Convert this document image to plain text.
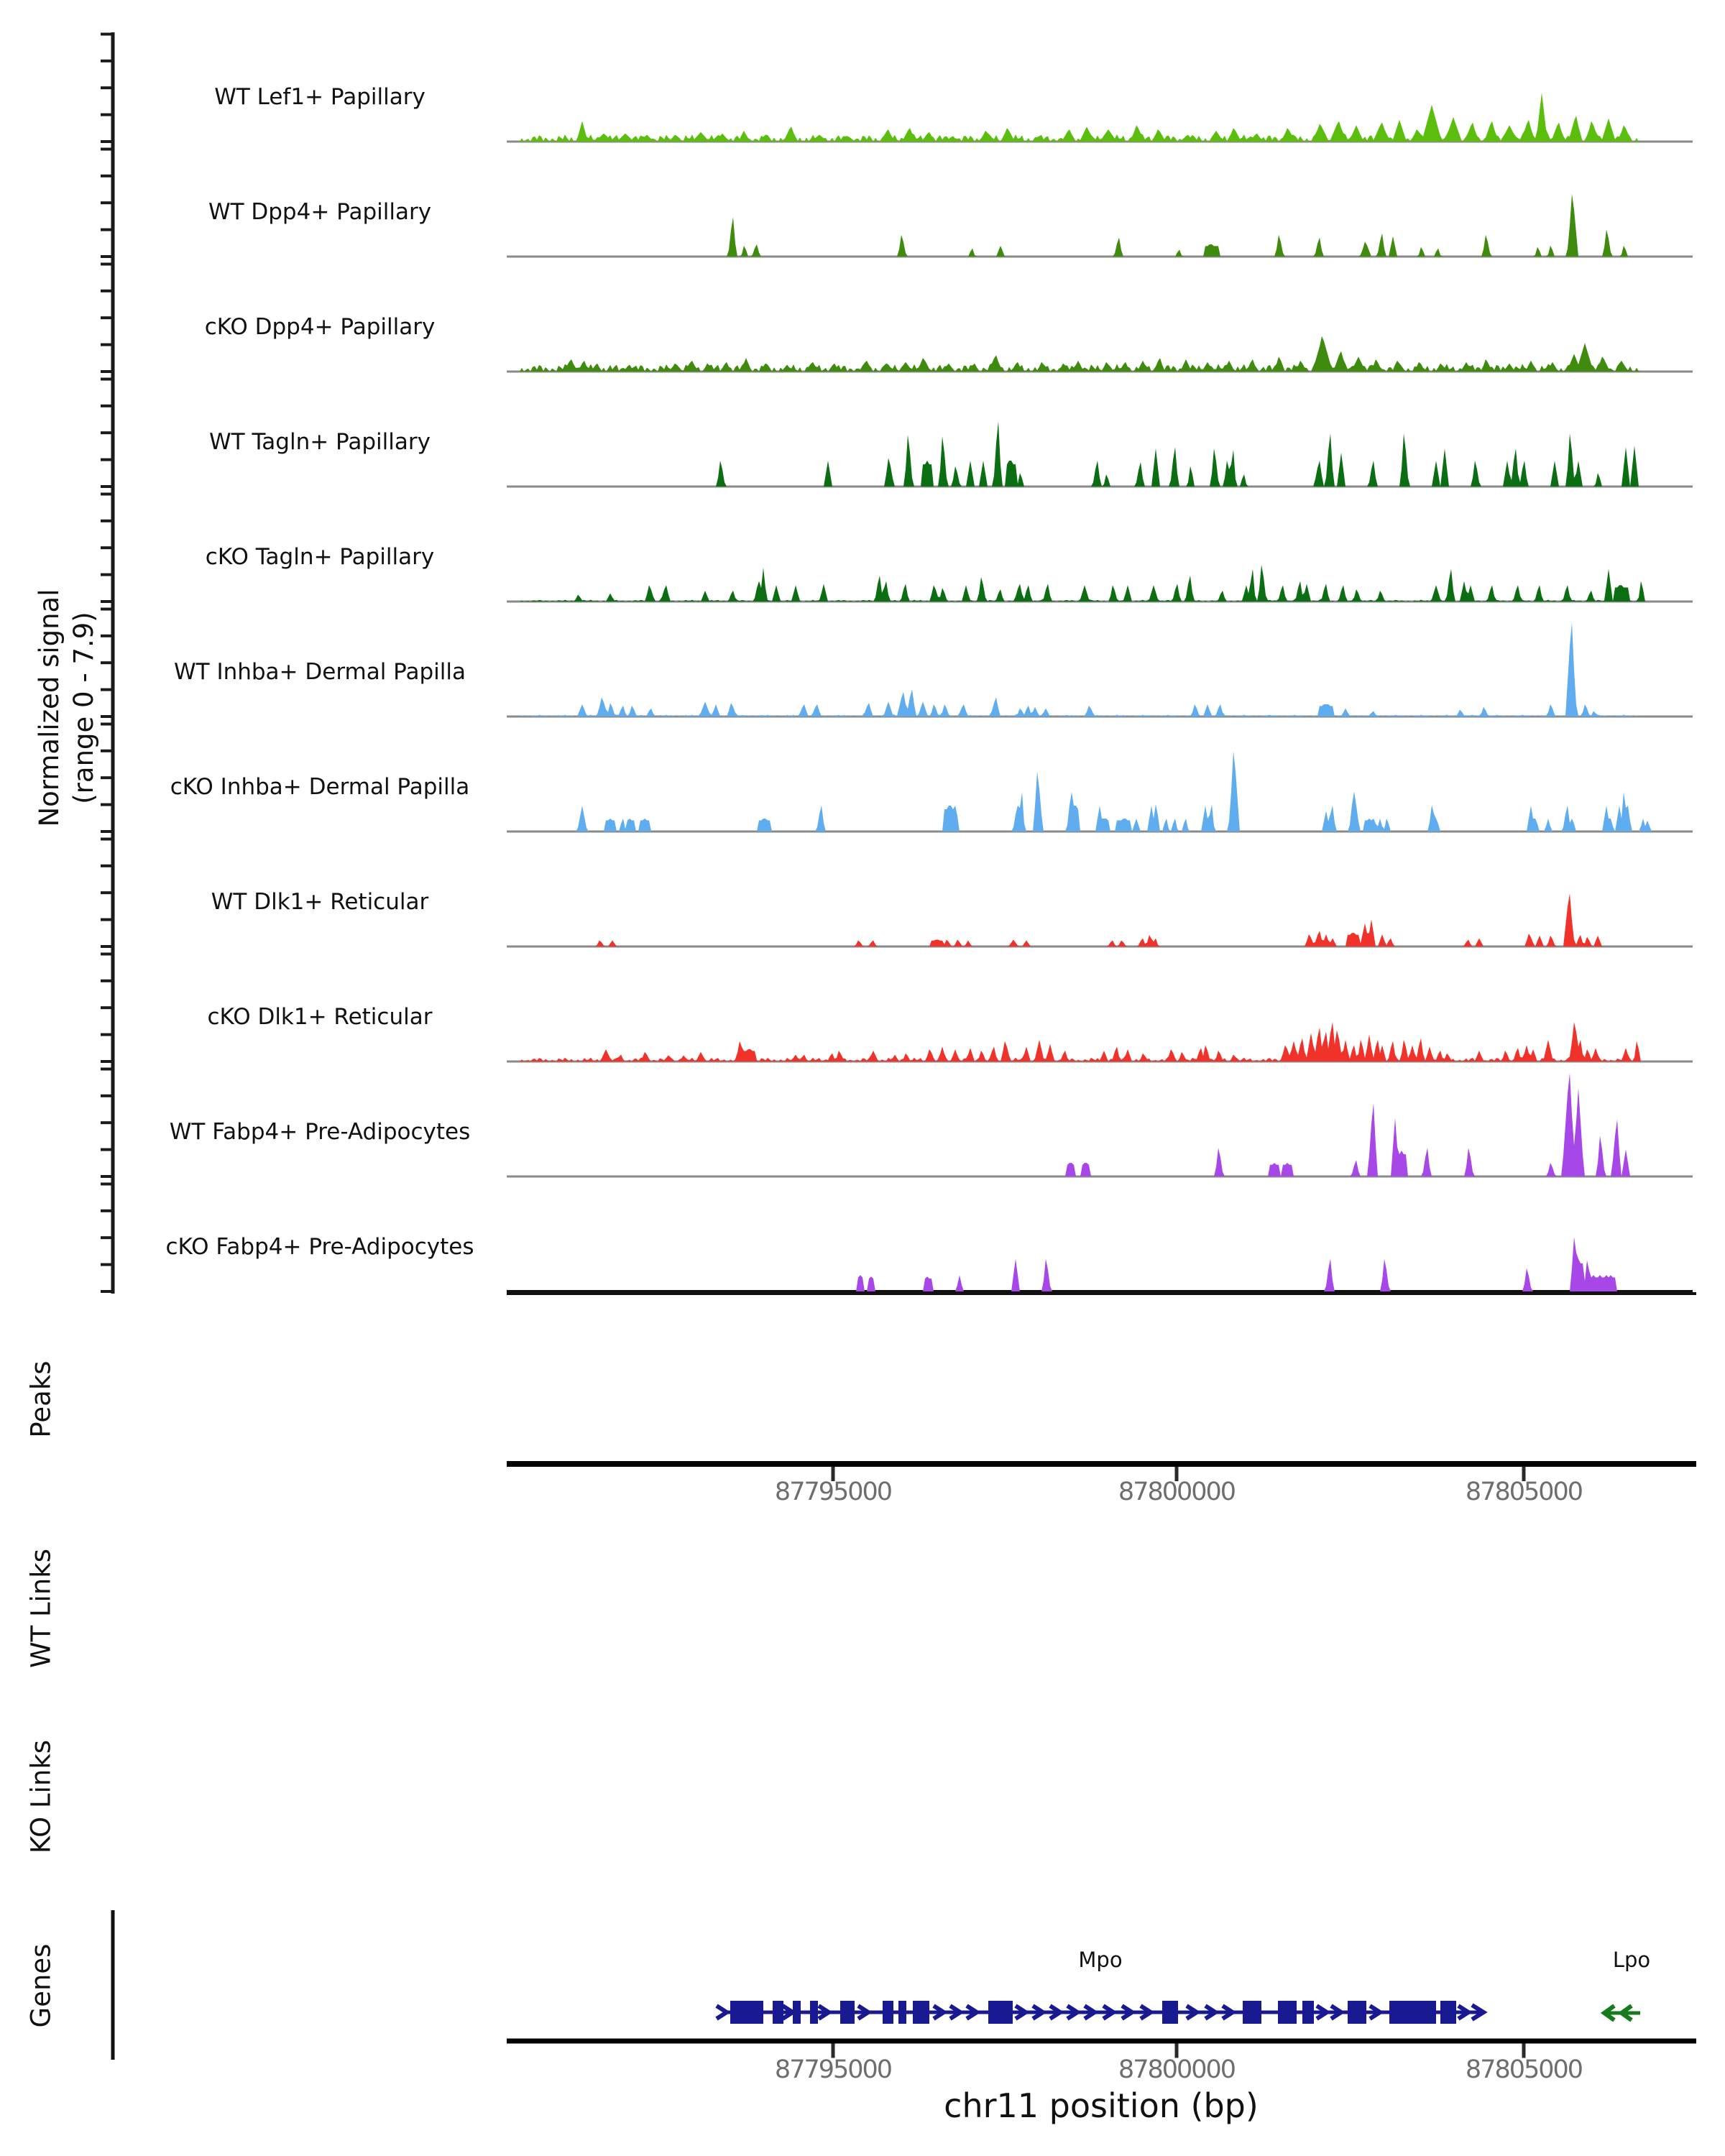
Normalized signal (range 0 - 7.9)
Peaks
WT Links
KO Links
Genes
chr11 position (bp)
Mpo	Lpo
WT Lef1+ Papillary
WT Dpp4+ Papillary
cKO Dpp4+ Papillary
WT Tagln+ Papillary
cKO Tagln+ Papillary
WT Inhba+ Dermal Papilla
cKO Inhba+ Dermal Papilla
WT Dlk1+ Reticular
cKO Dlk1+ Reticular
WT Fabp4+ Pre-Adipocytes
cKO Fabp4+ Pre-Adipocytes
87795000	87800000	87805000
87795000	87800000	87805000
